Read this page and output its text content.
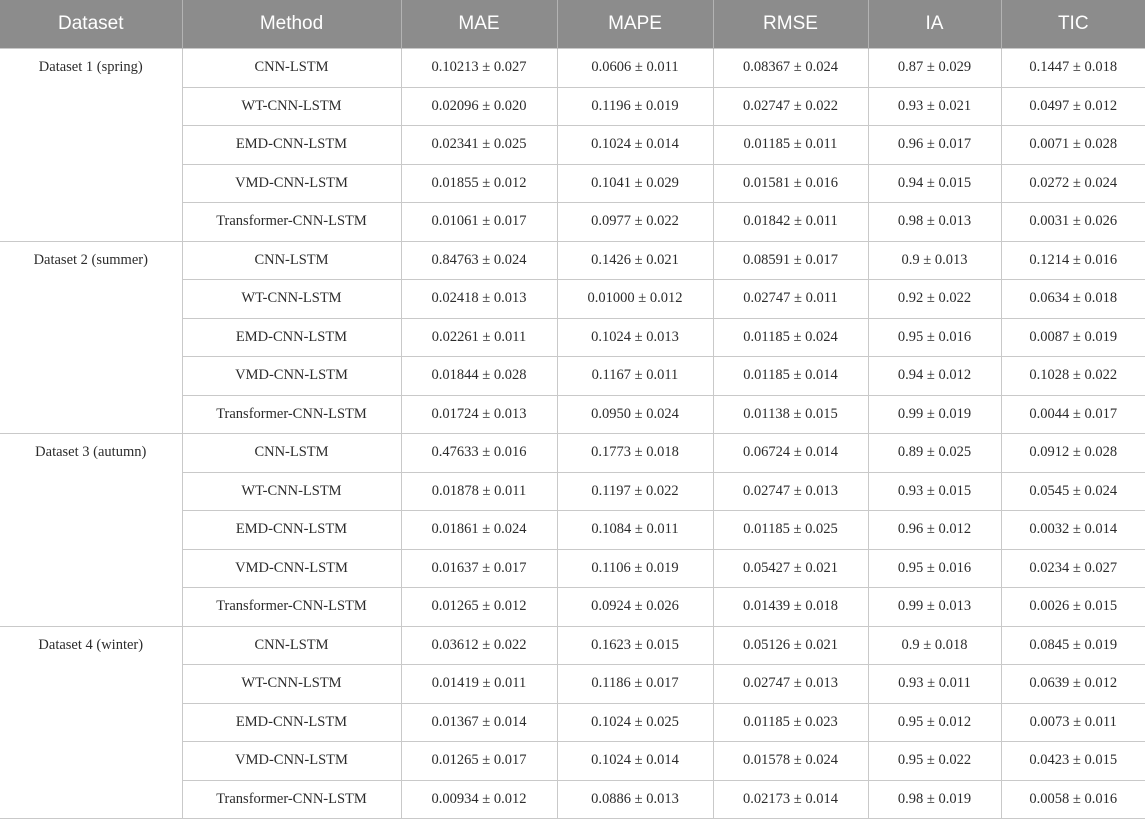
Dataset	Method	MAE	MAPE	RMSE	IA	TIC
Dataset 1 (spring)	CNN-LSTM	0.10213 ± 0.027	0.0606 ± 0.011	0.08367 ± 0.024	0.87 ± 0.029	0.1447 ± 0.018
	WT-CNN-LSTM	0.02096 ± 0.020	0.1196 ± 0.019	0.02747 ± 0.022	0.93 ± 0.021	0.0497 ± 0.012
	EMD-CNN-LSTM	0.02341 ± 0.025	0.1024 ± 0.014	0.01185 ± 0.011	0.96 ± 0.017	0.0071 ± 0.028
	VMD-CNN-LSTM	0.01855 ± 0.012	0.1041 ± 0.029	0.01581 ± 0.016	0.94 ± 0.015	0.0272 ± 0.024
	Transformer-CNN-LSTM	0.01061 ± 0.017	0.0977 ± 0.022	0.01842 ± 0.011	0.98 ± 0.013	0.0031 ± 0.026
Dataset 2 (summer)	CNN-LSTM	0.84763 ± 0.024	0.1426 ± 0.021	0.08591 ± 0.017	0.9 ± 0.013	0.1214 ± 0.016
	WT-CNN-LSTM	0.02418 ± 0.013	0.01000 ± 0.012	0.02747 ± 0.011	0.92 ± 0.022	0.0634 ± 0.018
	EMD-CNN-LSTM	0.02261 ± 0.011	0.1024 ± 0.013	0.01185 ± 0.024	0.95 ± 0.016	0.0087 ± 0.019
	VMD-CNN-LSTM	0.01844 ± 0.028	0.1167 ± 0.011	0.01185 ± 0.014	0.94 ± 0.012	0.1028 ± 0.022
	Transformer-CNN-LSTM	0.01724 ± 0.013	0.0950 ± 0.024	0.01138 ± 0.015	0.99 ± 0.019	0.0044 ± 0.017
Dataset 3 (autumn)	CNN-LSTM	0.47633 ± 0.016	0.1773 ± 0.018	0.06724 ± 0.014	0.89 ± 0.025	0.0912 ± 0.028
	WT-CNN-LSTM	0.01878 ± 0.011	0.1197 ± 0.022	0.02747 ± 0.013	0.93 ± 0.015	0.0545 ± 0.024
	EMD-CNN-LSTM	0.01861 ± 0.024	0.1084 ± 0.011	0.01185 ± 0.025	0.96 ± 0.012	0.0032 ± 0.014
	VMD-CNN-LSTM	0.01637 ± 0.017	0.1106 ± 0.019	0.05427 ± 0.021	0.95 ± 0.016	0.0234 ± 0.027
	Transformer-CNN-LSTM	0.01265 ± 0.012	0.0924 ± 0.026	0.01439 ± 0.018	0.99 ± 0.013	0.0026 ± 0.015
Dataset 4 (winter)	CNN-LSTM	0.03612 ± 0.022	0.1623 ± 0.015	0.05126 ± 0.021	0.9 ± 0.018	0.0845 ± 0.019
	WT-CNN-LSTM	0.01419 ± 0.011	0.1186 ± 0.017	0.02747 ± 0.013	0.93 ± 0.011	0.0639 ± 0.012
	EMD-CNN-LSTM	0.01367 ± 0.014	0.1024 ± 0.025	0.01185 ± 0.023	0.95 ± 0.012	0.0073 ± 0.011
	VMD-CNN-LSTM	0.01265 ± 0.017	0.1024 ± 0.014	0.01578 ± 0.024	0.95 ± 0.022	0.0423 ± 0.015
	Transformer-CNN-LSTM	0.00934 ± 0.012	0.0886 ± 0.013	0.02173 ± 0.014	0.98 ± 0.019	0.0058 ± 0.016
